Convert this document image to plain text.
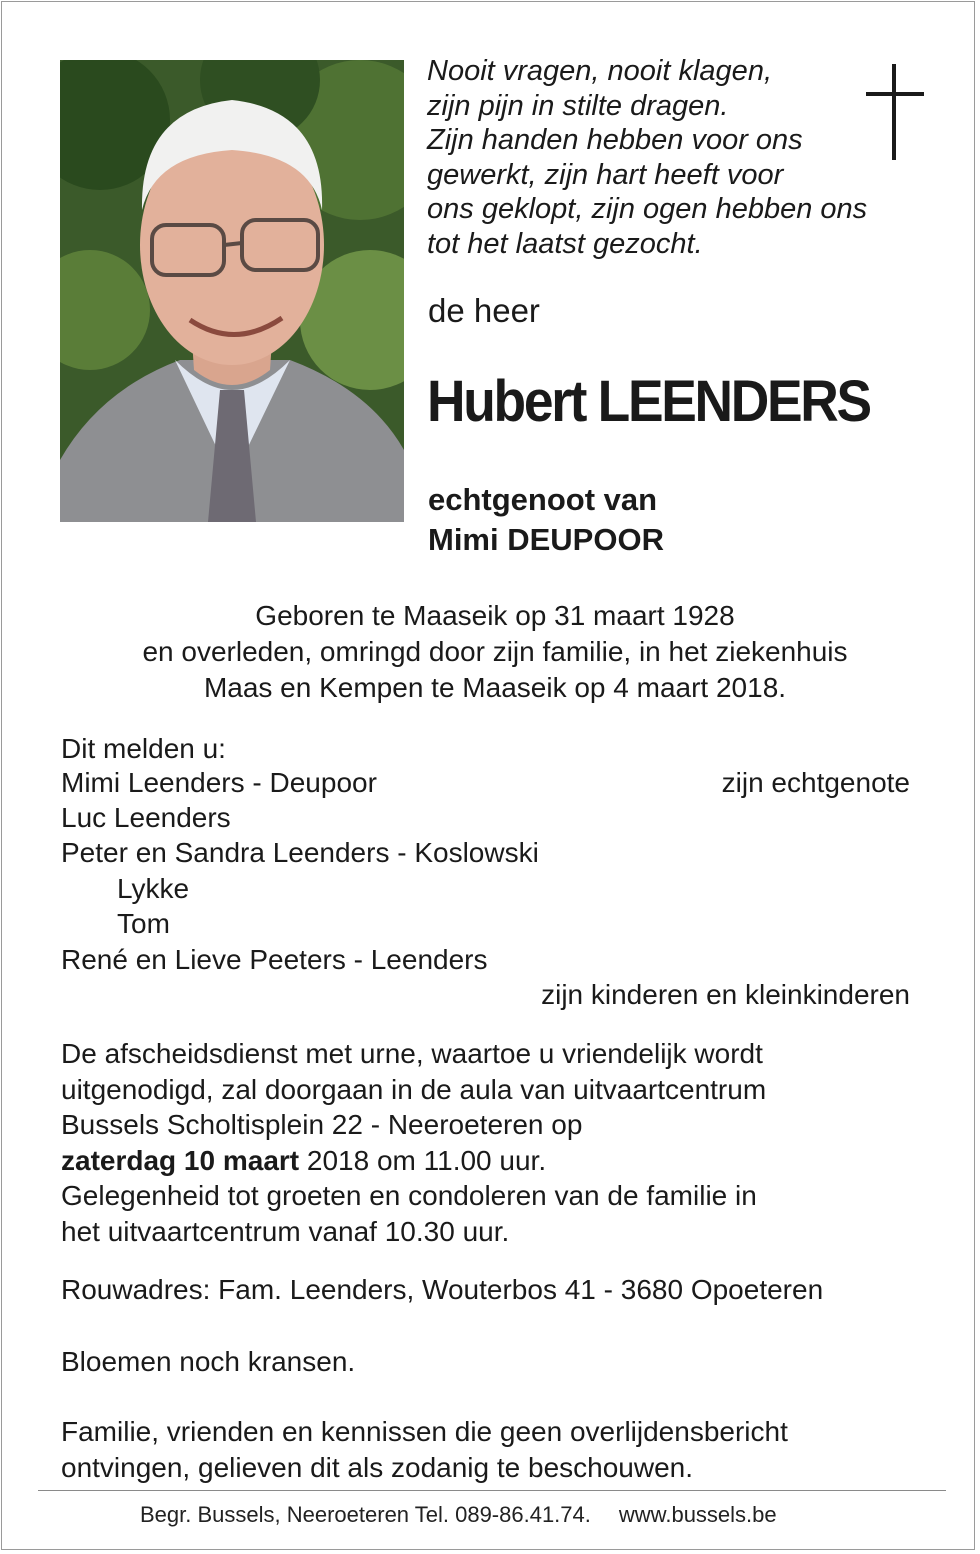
Nooit vragen, nooit klagen,
zijn pijn in stilte dragen.
Zijn handen hebben voor ons
gewerkt, zijn hart heeft voor
ons geklopt, zijn ogen hebben ons
tot het laatst gezocht.
de heer
Hubert LEENDERS
echtgenoot van
Mimi DEUPOOR
Geboren te Maaseik op 31 maart 1928
en overleden, omringd door zijn familie, in het ziekenhuis
Maas en Kempen te Maaseik op 4 maart 2018.
Dit melden u:
Mimi Leenders - Deupoor	zijn echtgenote
Luc Leenders
Peter en Sandra Leenders - Koslowski
Lykke
Tom
René en Lieve Peeters - Leenders
zijn kinderen en kleinkinderen
De afscheidsdienst met urne, waartoe u vriendelijk wordt
uitgenodigd, zal doorgaan in de aula van uitvaartcentrum
Bussels Scholtisplein 22 - Neeroeteren op
zaterdag 10 maart 2018 om 11.00 uur.
Gelegenheid tot groeten en condoleren van de familie in
het uitvaartcentrum vanaf 10.30 uur.
Rouwadres: Fam. Leenders, Wouterbos 41 - 3680 Opoeteren
Bloemen noch kransen.
Familie, vrienden en kennissen die geen overlijdensbericht
ontvingen, gelieven dit als zodanig te beschouwen.
Begr. Bussels, Neeroeteren Tel. 089-86.41.74. www.bussels.be
